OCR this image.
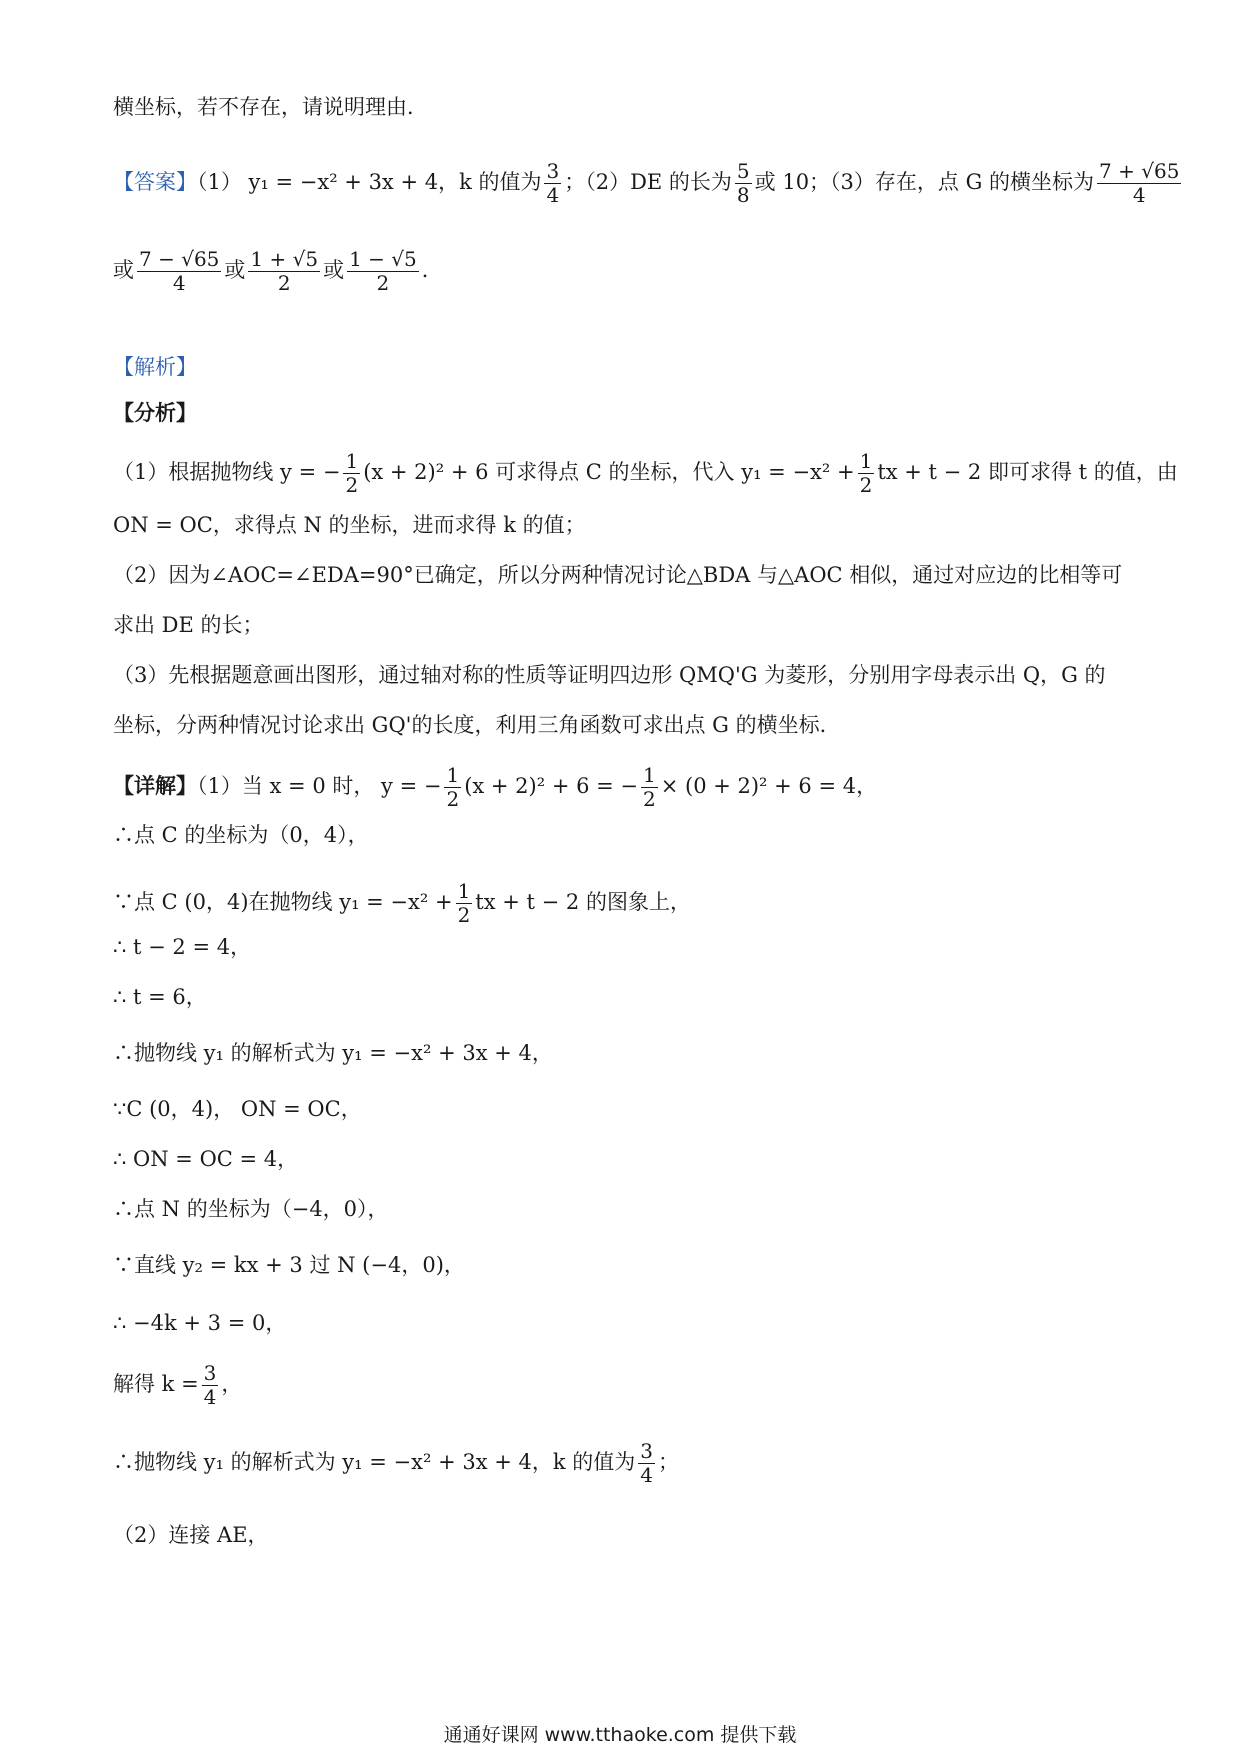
横坐标，若不存在，请说明理由．
【答案】（1） y₁ = −x² + 3x + 4，k 的值为 $\frac{3}{4}$ ；（2）DE 的长为 $\frac{5}{8}$ 或 10；（3）存在，点 G 的横坐标为 $\frac{7 + √65}{4}$
或 $\frac{7 - √65}{4}$ 或 $\frac{1 + √5}{2}$ 或 $\frac{1 - √5}{2}$ ．
【解析】
【分析】
（1）根据抛物线 y = − $\frac{1}{2} (x + 2)^2 + 6$ 可求得点 C 的坐标，代入 $y_1 = -x^2 + \frac{1}{2}$ tx + t − 2 即可求得 t 的值，由
ON = OC，求得点 N 的坐标，进而求得 k 的值；
（2）因为∠AOC=∠EDA=90°已确定，所以分两种情况讨论△BDA 与△AOC 相似，通过对应边的比相等可
求出 DE 的长；
（3）先根据题意画出图形，通过轴对称的性质等证明四边形 QMQ'G 为菱形，分别用字母表示出 Q，G 的
坐标，分两种情况讨论求出 GQ'的长度，利用三角函数可求出点 G 的横坐标．
【详解】（1）当 x = 0 时， y = − $\frac{1}{2} (x + 2)^2 + 6$ = − $\frac{1}{2} \times (0 + 2)^2 + 6 = 4$，
∴点 C 的坐标为（0，4），
∵点 C (0，4)在抛物线 $y_1 = -x^2 + \frac{1}{2}$ tx + t − 2 的图象上，
∴ t − 2 = 4，
∴ t = 6，
∴抛物线 y₁ 的解析式为 y₁ = −x² + 3x + 4，
∵C (0，4)， ON = OC，
∴ ON = OC = 4，
∴点 N 的坐标为（−4，0），
∵直线 y₂ = kx + 3 过 N (−4，0)，
∴ −4k + 3 = 0，
解得 $k = \frac{3}{4}$ ，
∴抛物线 y₁ 的解析式为 y₁ = −x² + 3x + 4，k 的值为 $\frac{3}{4}$ ；
（2）连接 AE，
通通好课网 www.tthaoke.com 提供下载
